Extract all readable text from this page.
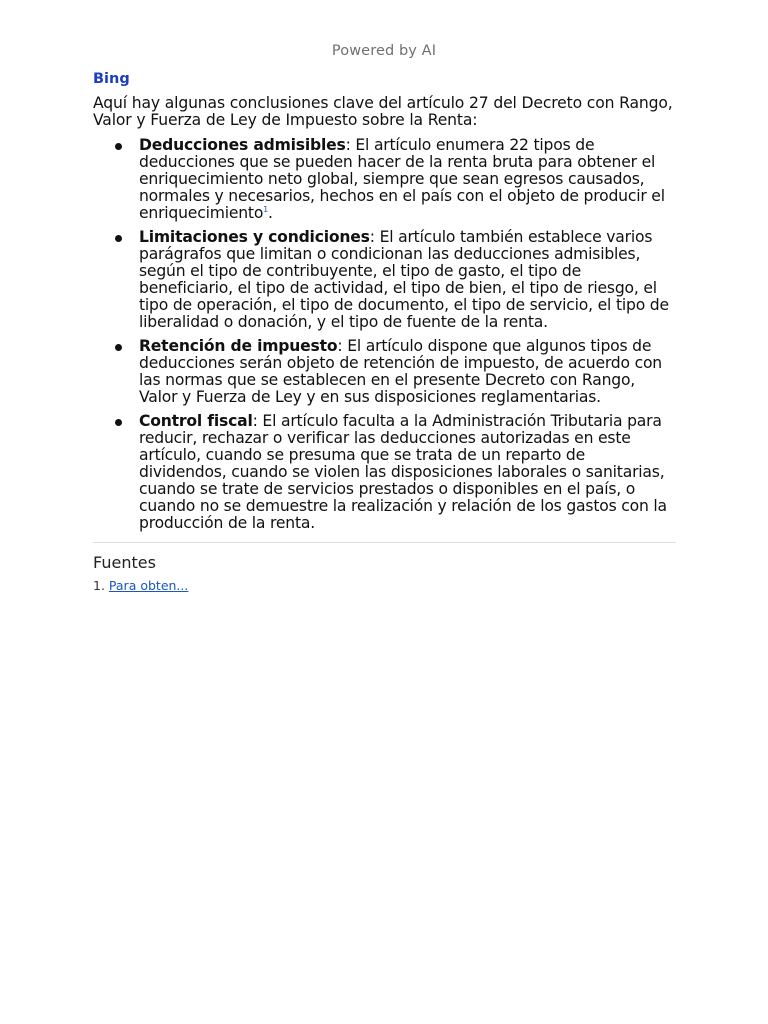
Powered by AI
Bing

Aquí hay algunas conclusiones clave del artículo 27 del Decreto con Rango, Valor y Fuerza de Ley de Impuesto sobre la Renta:

Deducciones admisibles: El artículo enumera 22 tipos de deducciones que se pueden hacer de la renta bruta para obtener el enriquecimiento neto global, siempre que sean egresos causados, normales y necesarios, hechos en el país con el objeto de producir el enriquecimiento$^1$.
Limitaciones y condiciones: El artículo también establece varios parágrafos que limitan o condicionan las deducciones admisibles, según el tipo de contribuyente, el tipo de gasto, el tipo de beneficiario, el tipo de actividad, el tipo de bien, el tipo de riesgo, el tipo de operación, el tipo de documento, el tipo de servicio, el tipo de liberalidad o donación, y el tipo de fuente de la renta.
Retención de impuesto: El artículo dispone que algunos tipos de deducciones serán objeto de retención de impuesto, de acuerdo con las normas que se establecen en el presente Decreto con Rango, Valor y Fuerza de Ley y en sus disposiciones reglamentarias.
Control fiscal: El artículo faculta a la Administración Tributaria para reducir, rechazar o verificar las deducciones autorizadas en este artículo, cuando se presuma que se trata de un reparto de dividendos, cuando se violen las disposiciones laborales o sanitarias, cuando se trate de servicios prestados o disponibles en el país, o cuando no se demuestre la realización y relación de los gastos con la producción de la renta.
Fuentes
1. Para obten...
